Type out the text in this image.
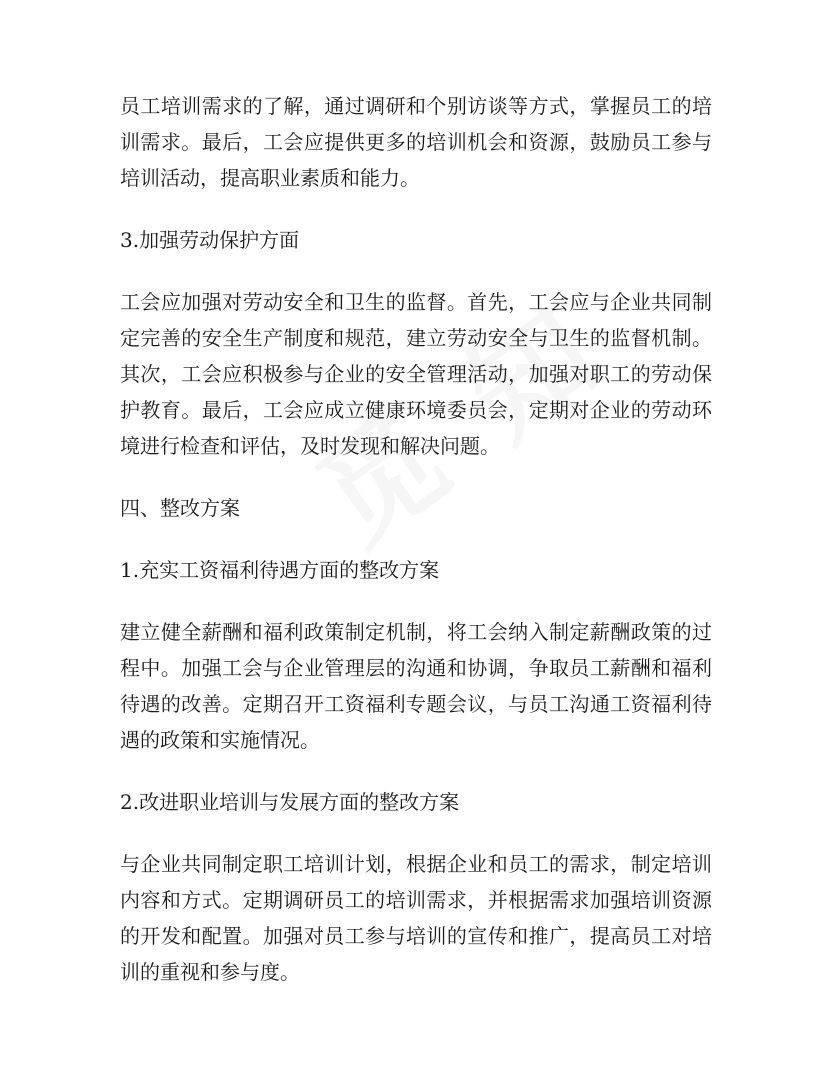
员工培训需求的了解，通过调研和个别访谈等方式，掌握员工的培训需求。最后，工会应提供更多的培训机会和资源，鼓励员工参与培训活动，提高职业素质和能力。

3.加强劳动保护方面

工会应加强对劳动安全和卫生的监督。首先，工会应与企业共同制定完善的安全生产制度和规范，建立劳动安全与卫生的监督机制。其次，工会应积极参与企业的安全管理活动，加强对职工的劳动保护教育。最后，工会应成立健康环境委员会，定期对企业的劳动环境进行检查和评估，及时发现和解决问题。

四、整改方案

1.充实工资福利待遇方面的整改方案

建立健全薪酬和福利政策制定机制，将工会纳入制定薪酬政策的过程中。加强工会与企业管理层的沟通和协调，争取员工薪酬和福利待遇的改善。定期召开工资福利专题会议，与员工沟通工资福利待遇的政策和实施情况。

2.改进职业培训与发展方面的整改方案

与企业共同制定职工培训计划，根据企业和员工的需求，制定培训内容和方式。定期调研员工的培训需求，并根据需求加强培训资源的开发和配置。加强对员工参与培训的宣传和推广，提高员工对培训的重视和参与度。
